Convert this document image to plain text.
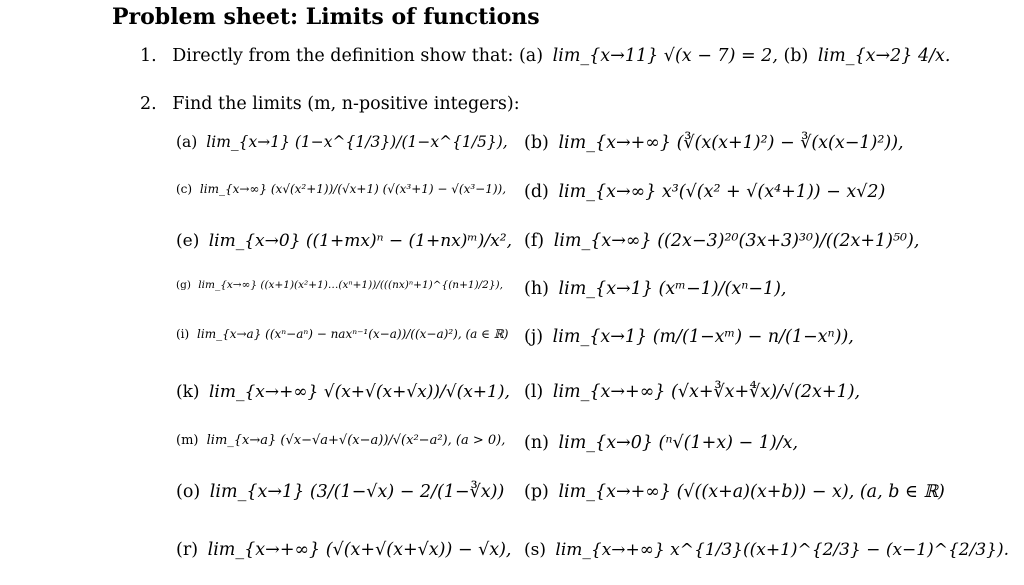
Problem sheet: Limits of functions
1. Directly from the definition show that: (a) lim_{x→11} √(x − 7) = 2, (b) lim_{x→2} 4/x.
2. Find the limits (m, n-positive integers):
(a) lim_{x→1} (1−x^{1/3})/(1−x^{1/5}), (b) lim_{x→+∞} (∛(x(x+1)²) − ∛(x(x−1)²)),
(c) lim_{x→∞} (x√(x²+1))/(√x+1) (√(x³+1) − √(x³−1)), (d) lim_{x→∞} x³(√(x² + √(x⁴+1)) − x√2)
(e) lim_{x→0} ((1+mx)ⁿ − (1+nx)ᵐ)/x², (f) lim_{x→∞} ((2x−3)²⁰(3x+3)³⁰)/((2x+1)⁵⁰),
(g) lim_{x→∞} ((x+1)(x²+1)…(xⁿ+1))/(((nx)ⁿ+1)^{(n+1)/2}), (h) lim_{x→1} (xᵐ−1)/(xⁿ−1),
(i) lim_{x→a} ((xⁿ−aⁿ) − naxⁿ⁻¹(x−a))/((x−a)²), (a ∈ ℝ) (j) lim_{x→1} (m/(1−xᵐ) − n/(1−xⁿ)),
(k) lim_{x→+∞} √(x+√(x+√x))/√(x+1), (l) lim_{x→+∞} (√x+∛x+∜x)/√(2x+1),
(m) lim_{x→a} (√x−√a+√(x−a))/√(x²−a²), (a > 0), (n) lim_{x→0} (ⁿ√(1+x) − 1)/x,
(o) lim_{x→1} (3/(1−√x) − 2/(1−∛x)) (p) lim_{x→+∞} (√((x+a)(x+b)) − x), (a, b ∈ ℝ)
(r) lim_{x→+∞} (√(x+√(x+√x)) − √x), (s) lim_{x→+∞} x^{1/3}((x+1)^{2/3} − (x−1)^{2/3}).
